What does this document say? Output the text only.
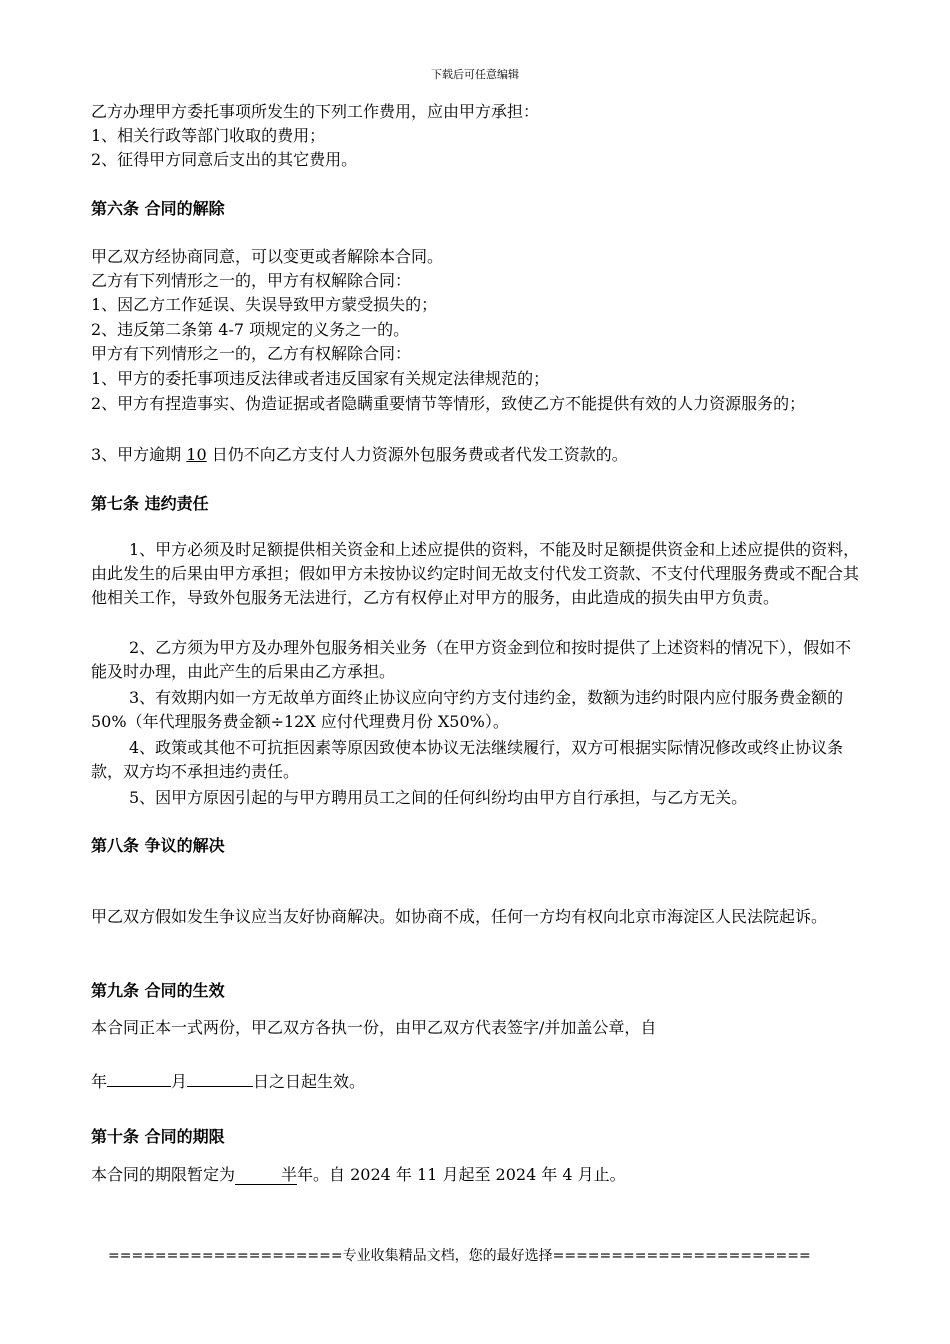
下载后可任意编辑
乙方办理甲方委托事项所发生的下列工作费用，应由甲方承担：
1、相关行政等部门收取的费用；
2、征得甲方同意后支出的其它费用。
第六条 合同的解除
甲乙双方经协商同意，可以变更或者解除本合同。
乙方有下列情形之一的，甲方有权解除合同：
1、因乙方工作延误、失误导致甲方蒙受损失的；
2、违反第二条第 4-7 项规定的义务之一的。
甲方有下列情形之一的，乙方有权解除合同：
1、甲方的委托事项违反法律或者违反国家有关规定法律规范的；
2、甲方有捏造事实、伪造证据或者隐瞒重要情节等情形，致使乙方不能提供有效的人力资源服务的；
3、甲方逾期 10 日仍不向乙方支付人力资源外包服务费或者代发工资款的。
第七条 违约责任
1、甲方必须及时足额提供相关资金和上述应提供的资料，不能及时足额提供资金和上述应提供的资料，由此发生的后果由甲方承担；假如甲方未按协议约定时间无故支付代发工资款、不支付代理服务费或不配合其他相关工作，导致外包服务无法进行，乙方有权停止对甲方的服务，由此造成的损失由甲方负责。
2、乙方须为甲方及办理外包服务相关业务（在甲方资金到位和按时提供了上述资料的情况下），假如不能及时办理，由此产生的后果由乙方承担。
3、有效期内如一方无故单方面终止协议应向守约方支付违约金，数额为违约时限内应付服务费金额的 50%（年代理服务费金额÷12X 应付代理费月份 X50%）。
4、政策或其他不可抗拒因素等原因致使本协议无法继续履行，双方可根据实际情况修改或终止协议条款，双方均不承担违约责任。
5、因甲方原因引起的与甲方聘用员工之间的任何纠纷均由甲方自行承担，与乙方无关。
第八条 争议的解决
甲乙双方假如发生争议应当友好协商解决。如协商不成，任何一方均有权向北京市海淀区人民法院起诉。
第九条 合同的生效
本合同正本一式两份，甲乙双方各执一份，由甲乙双方代表签字/并加盖公章，自
年	月	日之日起生效。
第十条 合同的期限
本合同的期限暂定为	半年。自 2024 年 11 月起至 2024 年 4 月止。
====================专业收集精品文档，您的最好选择======================
